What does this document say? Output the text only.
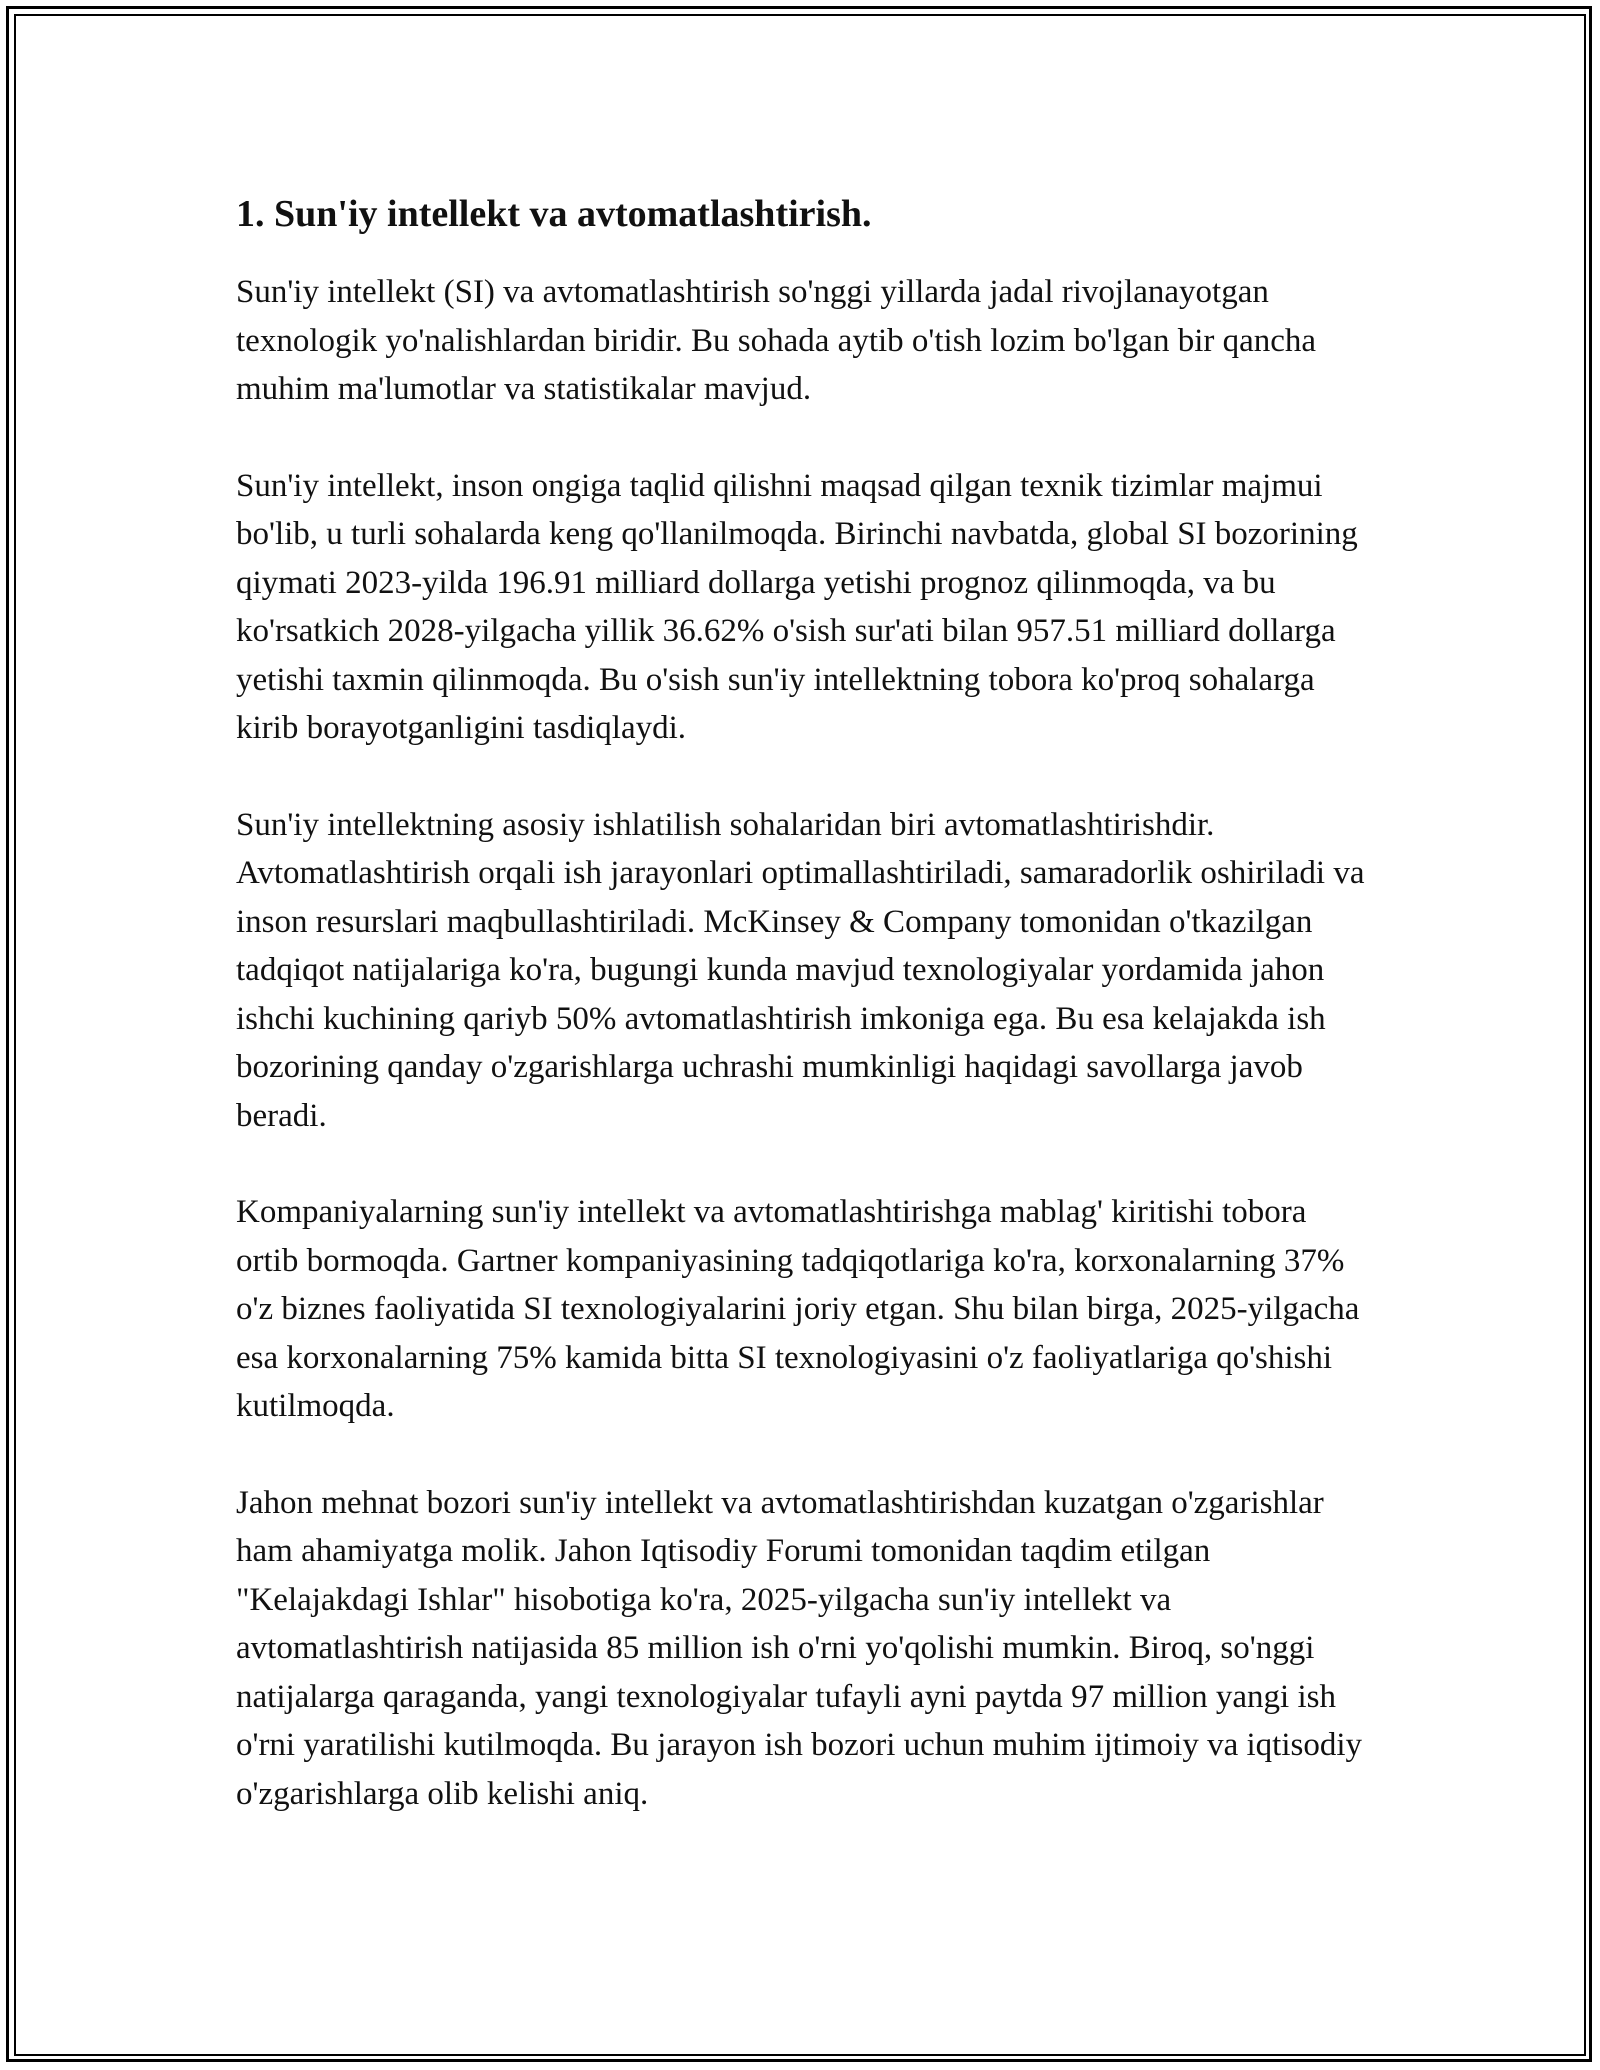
1. Sun'iy intellekt va avtomatlashtirish.

Sun'iy intellekt (SI) va avtomatlashtirish so'nggi yillarda jadal rivojlanayotgan texnologik yo'nalishlardan biridir. Bu sohada aytib o'tish lozim bo'lgan bir qancha muhim ma'lumotlar va statistikalar mavjud.

Sun'iy intellekt, inson ongiga taqlid qilishni maqsad qilgan texnik tizimlar majmui bo'lib, u turli sohalarda keng qo'llanilmoqda. Birinchi navbatda, global SI bozorining qiymati 2023-yilda 196.91 milliard dollarga yetishi prognoz qilinmoqda, va bu ko'rsatkich 2028-yilgacha yillik 36.62% o'sish sur'ati bilan 957.51 milliard dollarga yetishi taxmin qilinmoqda. Bu o'sish sun'iy intellektning tobora ko'proq sohalarga kirib borayotganligini tasdiqlaydi.

Sun'iy intellektning asosiy ishlatilish sohalaridan biri avtomatlashtirishdir. Avtomatlashtirish orqali ish jarayonlari optimallashtiriladi, samaradorlik oshiriladi va inson resurslari maqbullashtiriladi. McKinsey & Company tomonidan o'tkazilgan tadqiqot natijalariga ko'ra, bugungi kunda mavjud texnologiyalar yordamida jahon ishchi kuchining qariyb 50% avtomatlashtirish imkoniga ega. Bu esa kelajakda ish bozorining qanday o'zgarishlarga uchrashi mumkinligi haqidagi savollarga javob beradi.

Kompaniyalarning sun'iy intellekt va avtomatlashtirishga mablag' kiritishi tobora ortib bormoqda. Gartner kompaniyasining tadqiqotlariga ko'ra, korxonalarning 37% o'z biznes faoliyatida SI texnologiyalarini joriy etgan. Shu bilan birga, 2025-yilgacha esa korxonalarning 75% kamida bitta SI texnologiyasini o'z faoliyatlariga qo'shishi kutilmoqda.

Jahon mehnat bozori sun'iy intellekt va avtomatlashtirishdan kuzatgan o'zgarishlar ham ahamiyatga molik. Jahon Iqtisodiy Forumi tomonidan taqdim etilgan "Kelajakdagi Ishlar" hisobotiga ko'ra, 2025-yilgacha sun'iy intellekt va avtomatlashtirish natijasida 85 million ish o'rni yo'qolishi mumkin. Biroq, so'nggi natijalarga qaraganda, yangi texnologiyalar tufayli ayni paytda 97 million yangi ish o'rni yaratilishi kutilmoqda. Bu jarayon ish bozori uchun muhim ijtimoiy va iqtisodiy o'zgarishlarga olib kelishi aniq.
